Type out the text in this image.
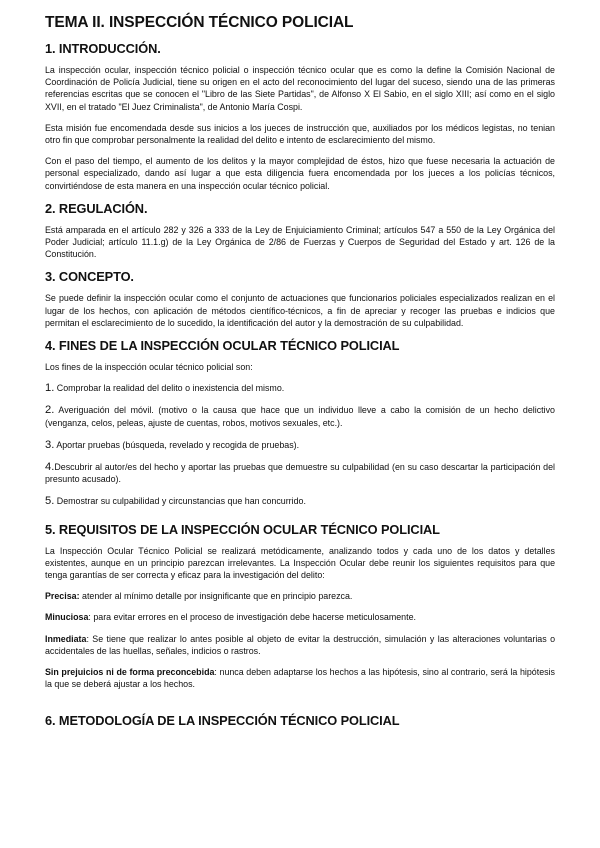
TEMA II. INSPECCIÓN TÉCNICO POLICIAL
1. INTRODUCCIÓN.

La inspección ocular, inspección técnico policial o inspección técnico ocular que es como la define la Comisión Nacional de Coordinación de Policía Judicial, tiene su origen en el acto del reconocimiento del lugar del suceso, siendo una de las primeras referencias escritas que se conocen el "Libro de las Siete Partidas", de Alfonso X El Sabio, en el siglo XIII; así como en el siglo XVII, en el tratado "El Juez Criminalista", de Antonio María Cospi.

Esta misión fue encomendada desde sus inicios a los jueces de instrucción que, auxiliados por los médicos legistas, no tenian otro fin que comprobar personalmente la realidad del delito e intento de esclarecimiento del mismo.

Con el paso del tiempo, el aumento de los delitos y la mayor complejidad de éstos, hizo que fuese necesaria la actuación de personal especializado, dando así lugar a que esta diligencia fuera encomendada por los jueces a los policías técnicos, convirtiéndose de esta manera en una inspección ocular técnico policial.

2. REGULACIÓN.

Está amparada en el artículo 282 y 326 a 333 de la Ley de Enjuiciamiento Criminal; artículos 547 a 550 de la Ley Orgánica del Poder Judicial; artículo 11.1.g) de la Ley Orgánica de 2/86 de Fuerzas y Cuerpos de Seguridad del Estado y art. 126 de la Constitución.

3. CONCEPTO.

Se puede definir la inspección ocular como el conjunto de actuaciones que funcionarios policiales especializados realizan en el lugar de los hechos, con aplicación de métodos científico-técnicos, a fin de apreciar y recoger las pruebas e indicios que permitan el esclarecimiento de lo sucedido, la identificación del autor y la demostración de su culpabilidad.

4. FINES DE LA INSPECCIÓN OCULAR TÉCNICO POLICIAL

Los fines de la inspección ocular técnico policial son:

1. Comprobar la realidad del delito o inexistencia del mismo.

2. Averiguación del móvil. (motivo o la causa que hace que un individuo lleve a cabo la comisión de un hecho delictivo (venganza, celos, peleas, ajuste de cuentas, robos, motivos sexuales, etc.).

3. Aportar pruebas (búsqueda, revelado y recogida de pruebas).

4.Descubrir al autor/es del hecho y aportar las pruebas que demuestre su culpabilidad (en su caso descartar la participación del presunto acusado).

5. Demostrar su culpabilidad y circunstancias que han concurrido.

5. REQUISITOS DE LA INSPECCIÓN OCULAR TÉCNICO POLICIAL

La Inspección Ocular Técnico Policial se realizará metódicamente, analizando todos y cada uno de los datos y detalles existentes, aunque en un principio parezcan irrelevantes. La Inspección Ocular debe reunir los siguientes requisitos para que tenga garantías de ser correcta y eficaz para la investigación del delito:

Precisa: atender al mínimo detalle por insignificante que en principio parezca.

Minuciosa: para evitar errores en el proceso de investigación debe hacerse meticulosamente.

Inmediata: Se tiene que realizar lo antes posible al objeto de evitar la destrucción, simulación y las alteraciones voluntarias o accidentales de las huellas, señales, indicios o rastros.

Sin prejuicios ni de forma preconcebida: nunca deben adaptarse los hechos a las hipótesis, sino al contrario, será la hipótesis la que se deberá ajustar a los hechos.

6. METODOLOGÍA DE LA INSPECCIÓN TÉCNICO POLICIAL
